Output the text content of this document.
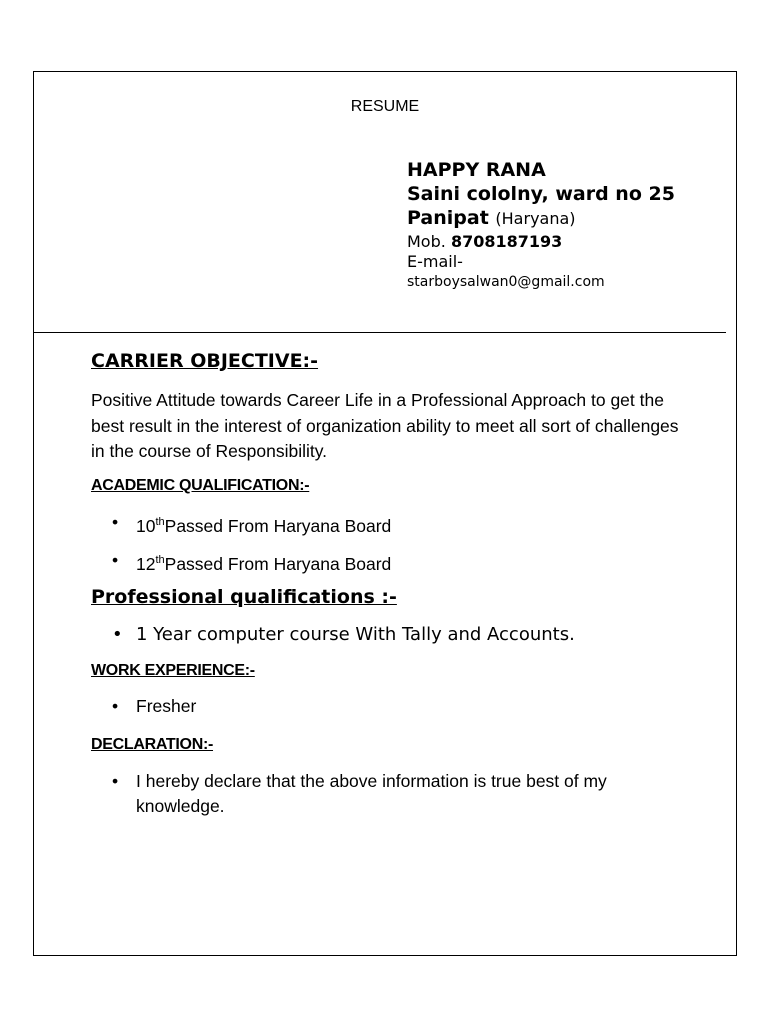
RESUME
HAPPY RANA
Saini cololny, ward no 25
Panipat (Haryana)
Mob. 8708187193
E-mail-
starboysalwan0@gmail.com
CARRIER OBJECTIVE:-
Positive Attitude towards Career Life in a Professional Approach to get the best result in the interest of organization ability to meet all sort of challenges in the course of Responsibility.
ACADEMIC QUALIFICATION:-
•	10thPassed From Haryana Board
•	12thPassed From Haryana Board
Professional qualifications :-
• 1 Year computer course With Tally and Accounts.
WORK EXPERIENCE:-
•	Fresher
DECLARATION:-
•	I hereby declare that the above information is true best of my knowledge.
